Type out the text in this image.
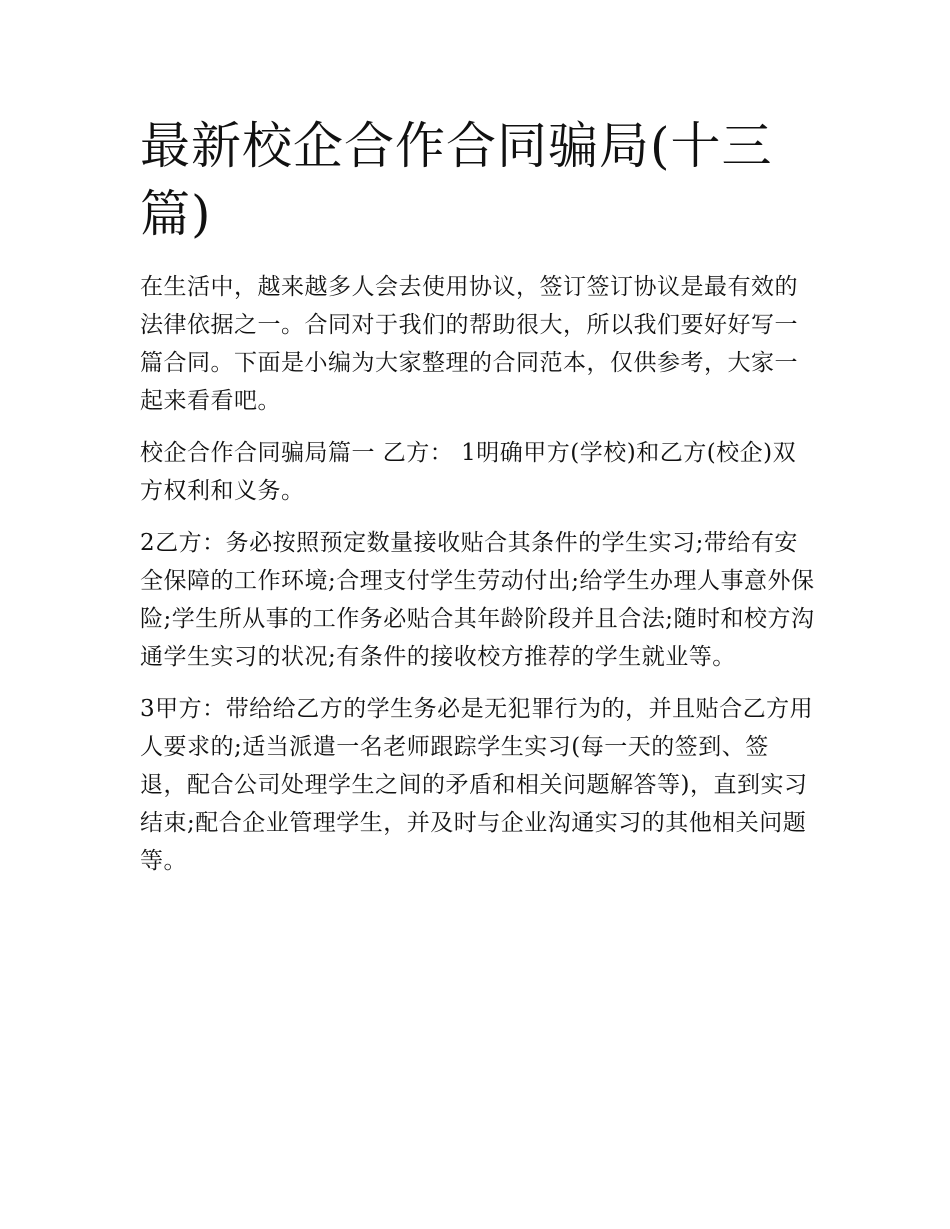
最新校企合作合同骗局(十三篇)

在生活中，越来越多人会去使用协议，签订签订协议是最有效的法律依据之一。合同对于我们的帮助很大，所以我们要好好写一篇合同。下面是小编为大家整理的合同范本，仅供参考，大家一起来看看吧。

校企合作合同骗局篇一 乙方： 1明确甲方(学校)和乙方(校企)双方权利和义务。

2乙方：务必按照预定数量接收贴合其条件的学生实习;带给有安全保障的工作环境;合理支付学生劳动付出;给学生办理人事意外保险;学生所从事的工作务必贴合其年龄阶段并且合法;随时和校方沟通学生实习的状况;有条件的接收校方推荐的学生就业等。

3甲方：带给给乙方的学生务必是无犯罪行为的，并且贴合乙方用人要求的;适当派遣一名老师跟踪学生实习(每一天的签到、签退，配合公司处理学生之间的矛盾和相关问题解答等)，直到实习结束;配合企业管理学生，并及时与企业沟通实习的其他相关问题等。
